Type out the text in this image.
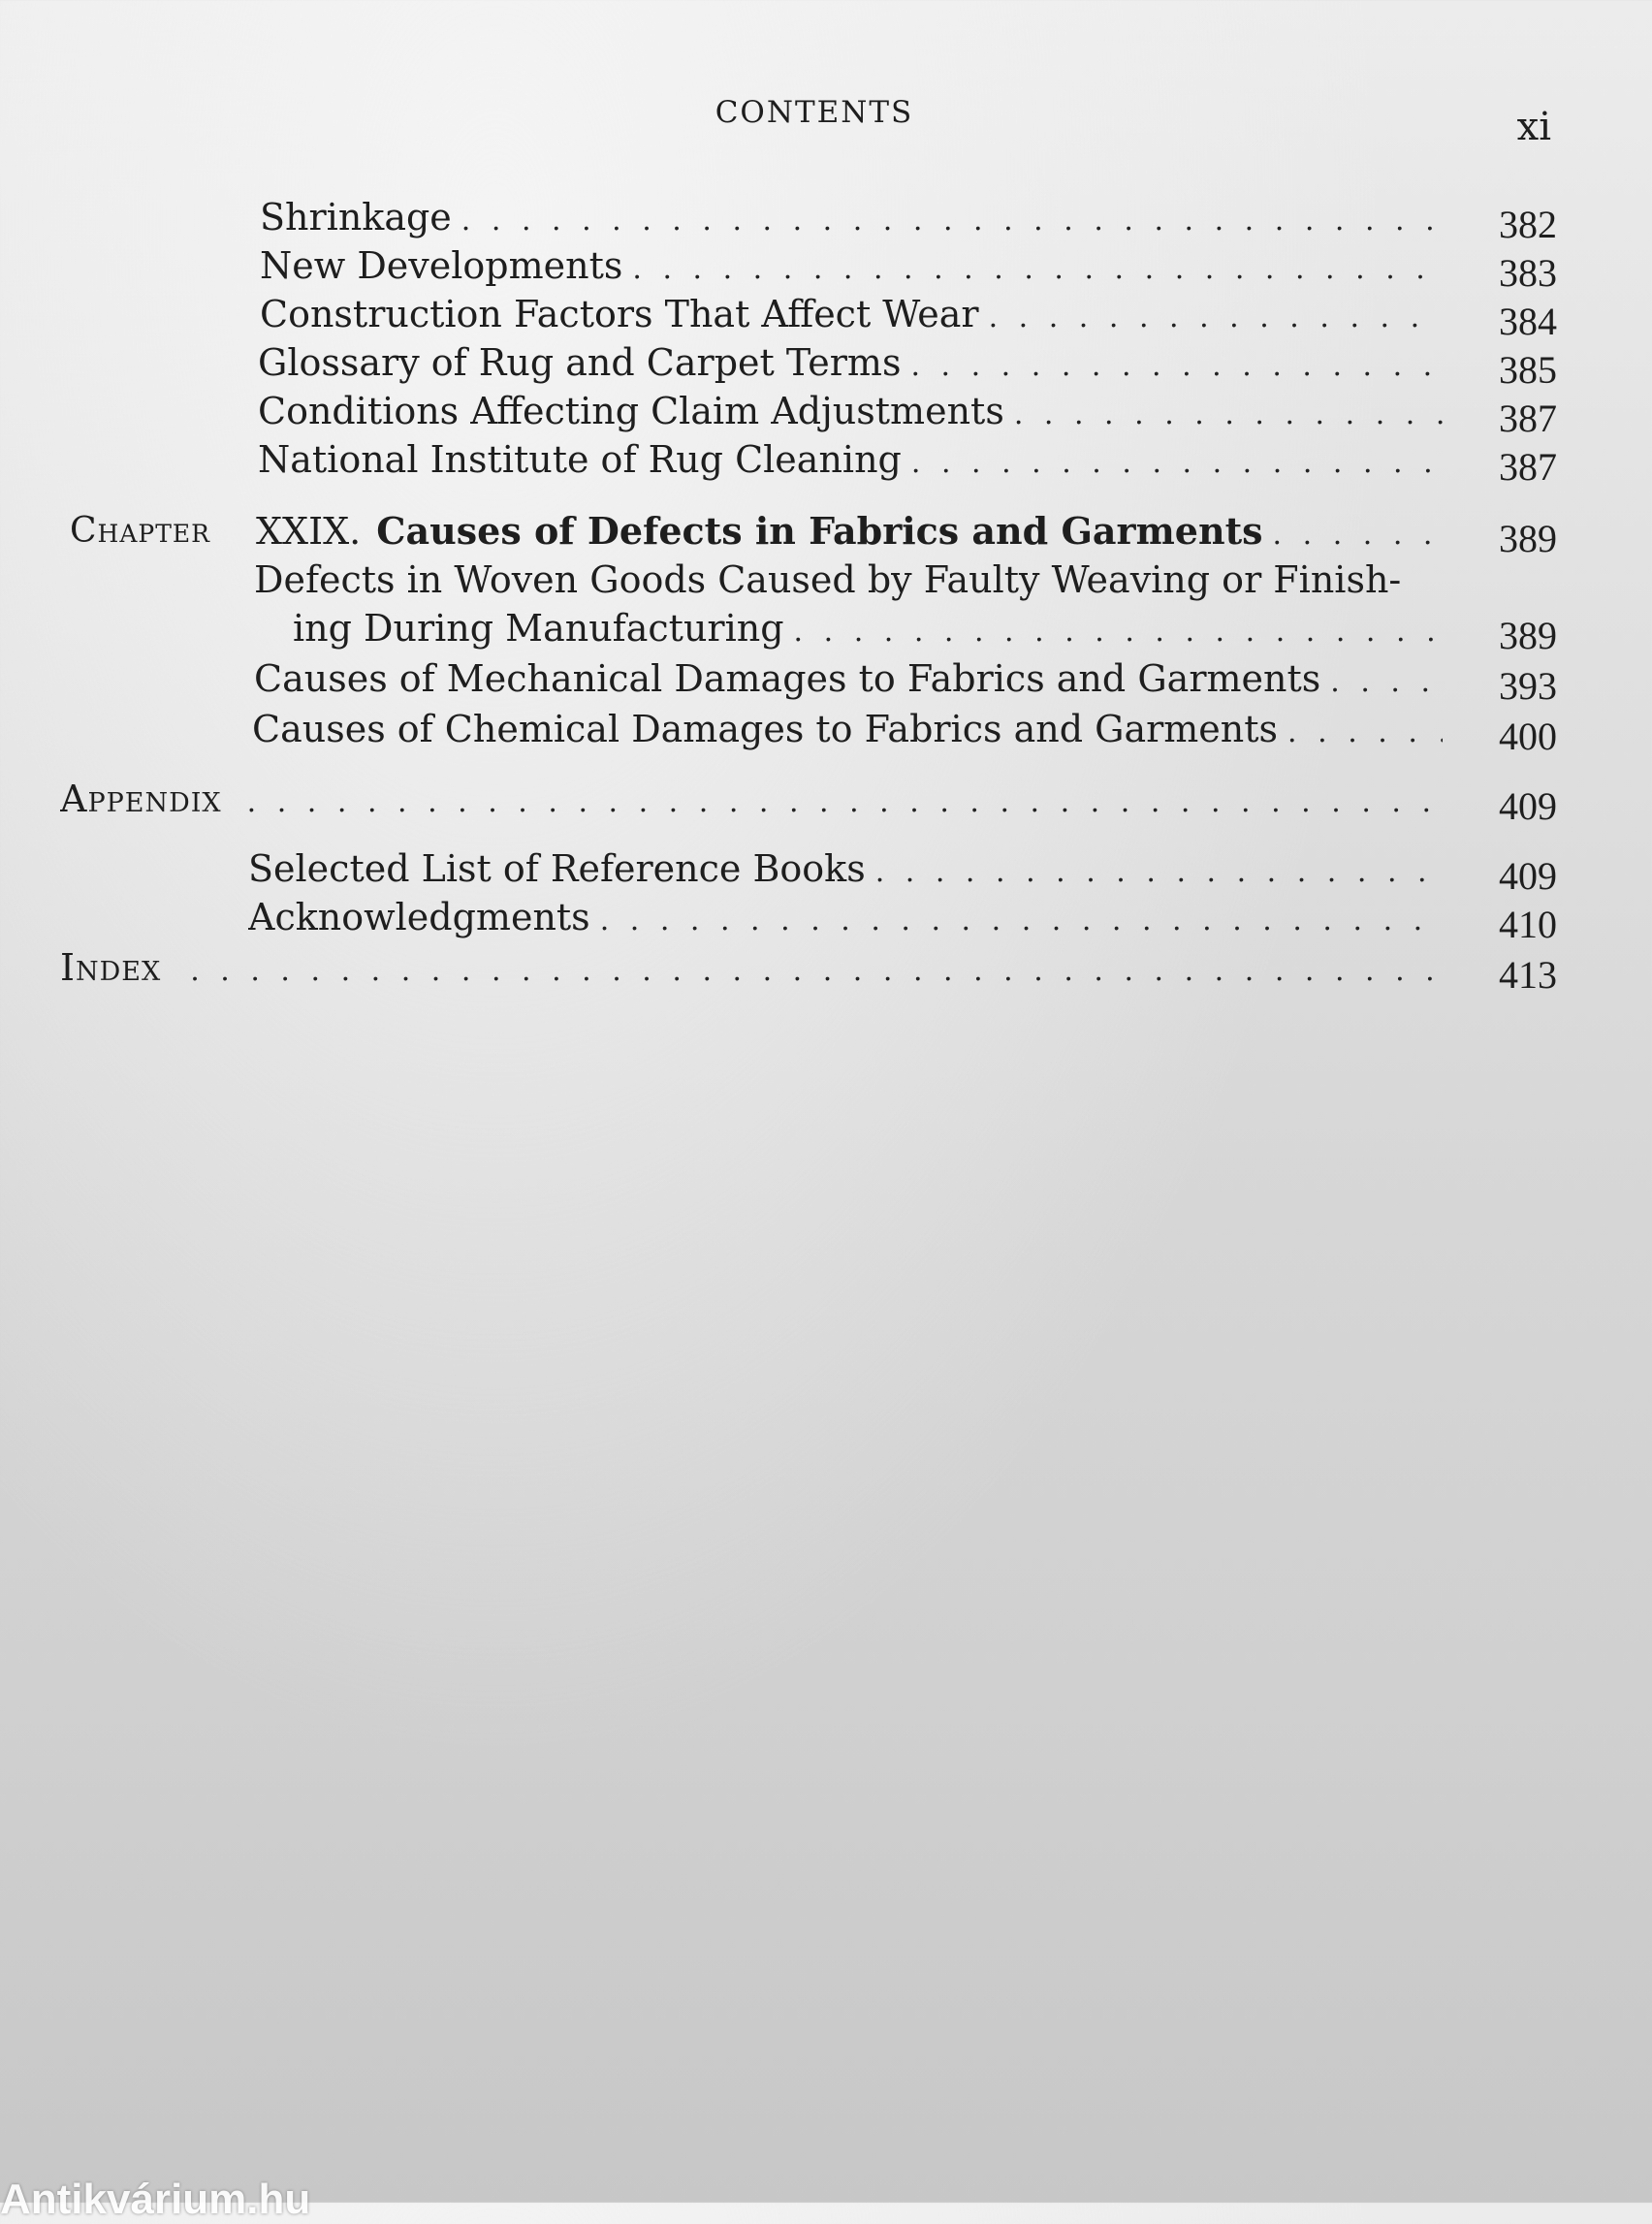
CONTENTS	xi
Shrinkage . . .	382
New Developments . . .	383
Construction Factors That Affect Wear . . .	384
Glossary of Rug and Carpet Terms . . .	385
Conditions Affecting Claim Adjustments . . .	387
National Institute of Rug Cleaning . . .	387
Chapter XXIX. Causes of Defects in Fabrics and Garments . . .	389
Defects in Woven Goods Caused by Faulty Weaving or Finish-
ing During Manufacturing . . .	389
Causes of Mechanical Damages to Fabrics and Garments . . .	393
Causes of Chemical Damages to Fabrics and Garments . . .	400
Appendix . . .	409
Selected List of Reference Books . . .	409
Acknowledgments . . .	410
Index . . .	413
Antikvárium.hu
